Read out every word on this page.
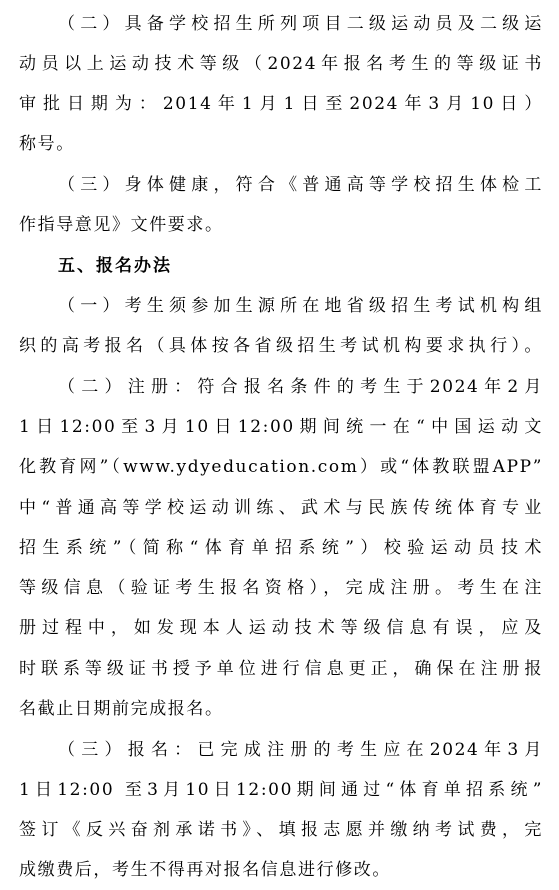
（二）具备学校招生所列项目二级运动员及二级运
动员以上运动技术等级（2024年报名考生的等级证书
审批日期为：2014年1月1日至2024年3月10日）
称号。
（三）身体健康，符合《普通高等学校招生体检工
作指导意见》文件要求。
五、报名办法
（一）考生须参加生源所在地省级招生考试机构组
织的高考报名（具体按各省级招生考试机构要求执行）。
（二）注册：符合报名条件的考生于2024年2月
1日12:00至3月10日12:00期间统一在“中国运动文
化教育网”（www.ydyeducation.com）或“体教联盟APP”
中“普通高等学校运动训练、武术与民族传统体育专业
招生系统”（简称“体育单招系统”）校验运动员技术
等级信息（验证考生报名资格），完成注册。考生在注
册过程中，如发现本人运动技术等级信息有误，应及
时联系等级证书授予单位进行信息更正，确保在注册报
名截止日期前完成报名。
（三）报名：已完成注册的考生应在2024年3月
1日12:00 至3月10日12:00期间通过“体育单招系统”
签订《反兴奋剂承诺书》、填报志愿并缴纳考试费，完
成缴费后，考生不得再对报名信息进行修改。
